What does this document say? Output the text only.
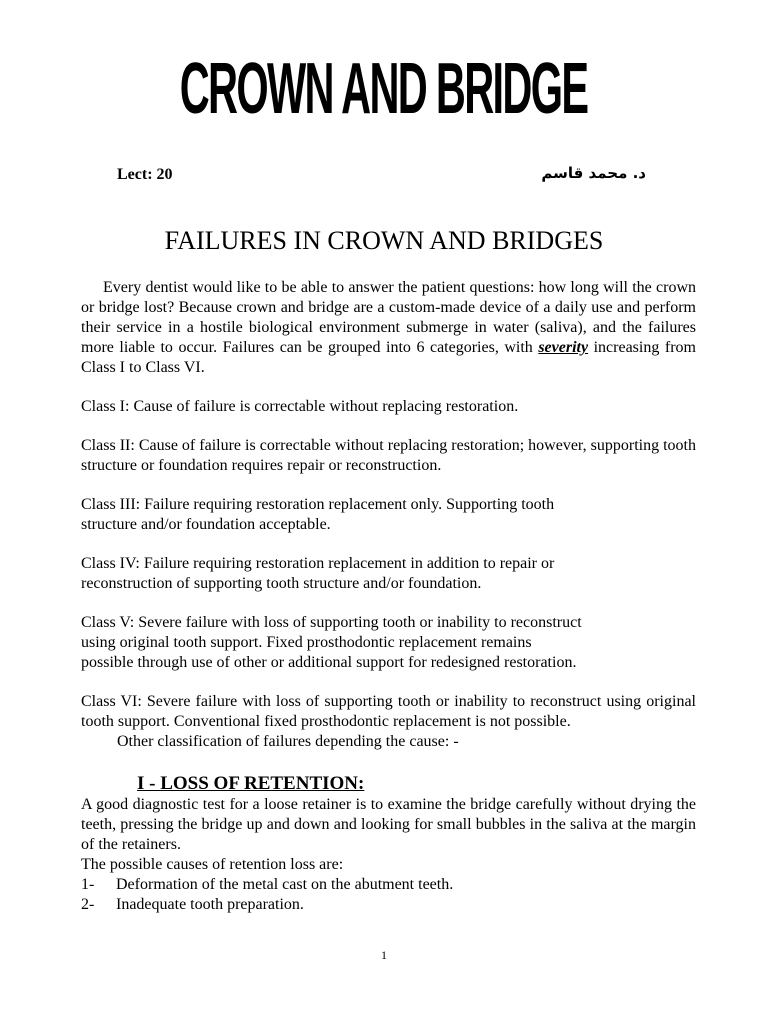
CROWN AND BRIDGE
Lect: 20	د. محمد قاسم
FAILURES IN CROWN AND BRIDGES

Every dentist would like to be able to answer the patient questions: how long will the crown or bridge lost? Because crown and bridge are a custom-made device of a daily use and perform their service in a hostile biological environment submerge in water (saliva), and the failures more liable to occur. Failures can be grouped into 6 categories, with severity increasing from Class I to Class VI.

Class I: Cause of failure is correctable without replacing restoration.

Class II: Cause of failure is correctable without replacing restoration; however, supporting tooth structure or foundation requires repair or reconstruction.

Class III: Failure requiring restoration replacement only. Supporting tooth
structure and/or foundation acceptable.

Class IV: Failure requiring restoration replacement in addition to repair or
reconstruction of supporting tooth structure and/or foundation.

Class V: Severe failure with loss of supporting tooth or inability to reconstruct
using original tooth support. Fixed prosthodontic replacement remains
possible through use of other or additional support for redesigned restoration.

Class VI: Severe failure with loss of supporting tooth or inability to reconstruct using original tooth support. Conventional fixed prosthodontic replacement is not possible.

Other classification of failures depending the cause: -

I - LOSS OF RETENTION:

A good diagnostic test for a loose retainer is to examine the bridge carefully without drying the teeth, pressing the bridge up and down and looking for small bubbles in the saliva at the margin of the retainers.

The possible causes of retention loss are:

1-	Deformation of the metal cast on the abutment teeth.
2-	Inadequate tooth preparation.
1
